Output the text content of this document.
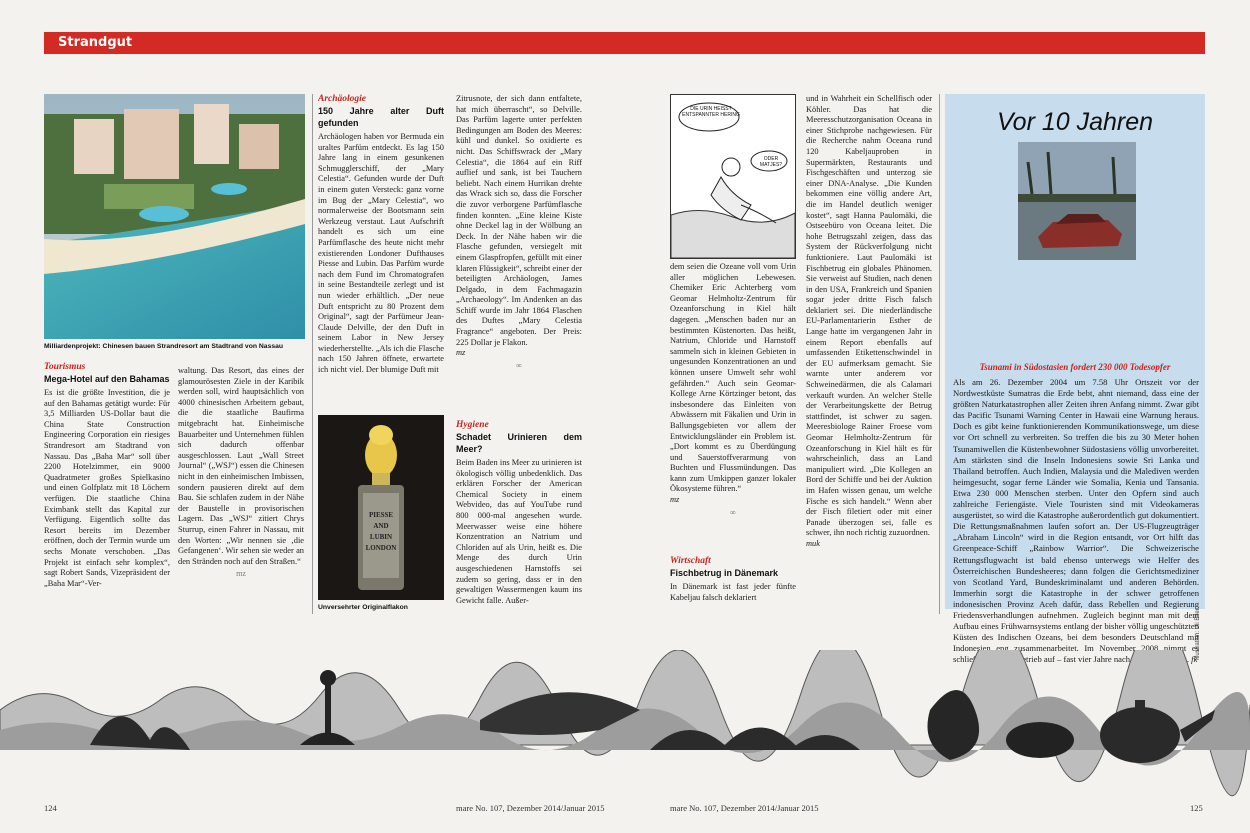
Strandgut
Milliardenprojekt: Chinesen bauen Strandresort am Stadtrand von Nassau
Tourismus
Mega-Hotel auf den Bahamas

Es ist die größte Investition, die je auf den Bahamas getätigt wurde: Für 3,5 Milliarden US-Dollar baut die China State Construction Engineering Corporation ein riesiges Strandresort am Stadtrand von Nassau. Das „Baha Mar“ soll über 2200 Hotelzimmer, ein 9000 Quadratmeter großes Spielkasino und einen Golfplatz mit 18 Löchern verfügen. Die staatliche China Eximbank stellt das Kapital zur Verfügung. Eigentlich sollte das Resort bereits im Dezember eröffnen, doch der Termin wurde um sechs Monate verschoben. „Das Projekt ist einfach sehr komplex“, sagt Robert Sands, Vizepräsident der „Baha Mar“-Ver-

waltung. Das Resort, das eines der glamourösesten Ziele in der Karibik werden soll, wird hauptsächlich von 4000 chinesischen Arbeitern gebaut, die die staatliche Baufirma mitgebracht hat. Einheimische Bauarbeiter und Unternehmen fühlen sich dadurch offenbar ausgeschlossen. Laut „Wall Street Journal“ („WSJ“) essen die Chinesen nicht in den einheimischen Imbissen, sondern pausieren direkt auf dem Bau. Sie schlafen zudem in der Nähe der Baustelle in provisorischen Lagern. Das „WSJ“ zitiert Chrys Sturrup, einen Fahrer in Nassau, mit den Worten: „Wir nennen sie ‚die Gefangenen‘. Wir sehen sie weder an den Stränden noch auf den Straßen.“

mz
Archäologie
150 Jahre alter Duft gefunden

Archäologen haben vor Bermuda ein uraltes Parfüm entdeckt. Es lag 150 Jahre lang in einem gesunkenen Schmugglerschiff, der „Mary Celestia“. Gefunden wurde der Duft in einem guten Versteck: ganz vorne im Bug der „Mary Celestia“, wo normalerweise der Bootsmann sein Werkzeug verstaut. Laut Aufschrift handelt es sich um eine Parfümflasche des heute nicht mehr existierenden Londoner Dufthauses Piesse and Lubin. Das Parfüm wurde nach dem Fund im Chromatografen in seine Bestandteile zerlegt und ist nun wieder erhältlich. „Der neue Duft entspricht zu 80 Prozent dem Original“, sagt der Parfümeur Jean-Claude Delville, der den Duft in seinem Labor in New Jersey wiederherstellte. „Als ich die Flasche nach 150 Jahren öffnete, erwartete ich nicht viel. Der blumige Duft mit

PIESSE AND LUBIN LONDON
Unversehrter Originalflakon

Zitrusnote, der sich dann entfaltete, hat mich überrascht“, so Delville. Das Parfüm lagerte unter perfekten Bedingungen am Boden des Meeres: kühl und dunkel. So oxidierte es nicht. Das Schiffswrack der „Mary Celestia“, die 1864 auf ein Riff auflief und sank, ist bei Tauchern beliebt. Nach einem Hurrikan drehte das Wrack sich so, dass die Forscher die zuvor verborgene Parfümflasche finden konnten. „Eine kleine Kiste ohne Deckel lag in der Wölbung an Deck. In der Nähe haben wir die Flasche gefunden, versiegelt mit einem Glaspfropfen, gefüllt mit einer klaren Flüssigkeit“, schreibt einer der beteiligten Archäologen, James Delgado, in dem Fachmagazin „Archaeology“. Im Andenken an das Schiff wurde im Jahr 1864 Flaschen des Duftes „Mary Celestia Fragrance“ angeboten. Der Preis: 225 Dollar je Flakon.

mz
∞
Hygiene
Schadet Urinieren dem Meer?

Beim Baden ins Meer zu urinieren ist ökologisch völlig unbedenklich. Das erklären Forscher der American Chemical Society in einem Webvideo, das auf YouTube rund 800 000-mal angesehen wurde. Meerwasser weise eine höhere Konzentration an Natrium und Chloriden auf als Urin, heißt es. Die Menge des durch Urin ausgeschiedenen Harnstoffs sei zudem so gering, dass er in den gewaltigen Wassermengen kaum ins Gewicht falle. Außer-

DIE URIN HEISST ENTSPANNTER HERING
ODER MATJES?

dem seien die Ozeane voll vom Urin aller möglichen Lebewesen. Chemiker Eric Achterberg vom Geomar Helmholtz-Zentrum für Ozeanforschung in Kiel hält dagegen. „Menschen baden nur an bestimmten Küstenorten. Das heißt, Natrium, Chloride und Harnstoff sammeln sich in kleinen Gebieten in ungesunden Konzentrationen an und können unsere Umwelt sehr wohl gefährden.“ Auch sein Geomar-Kollege Arne Körtzinger betont, das insbesondere das Einleiten von Abwässern mit Fäkalien und Urin in Ballungsgebieten vor allem der Entwicklungsländer ein Problem ist. „Dort kommt es zu Überdüngung und Sauerstoffverarmung von Buchten und Flussmündungen. Das kann zum Umkippen ganzer lokaler Ökosysteme führen.“

mz
∞
Wirtschaft
Fischbetrug in Dänemark

In Dänemark ist fast jeder fünfte Kabeljau falsch deklariert

und in Wahrheit ein Schellfisch oder Köhler. Das hat die Meeresschutzorganisation Oceana in einer Stichprobe nachgewiesen. Für die Recherche nahm Oceana rund 120 Kabeljauproben in Supermärkten, Restaurants und Fischgeschäften und unterzog sie einer DNA-Analyse. „Die Kunden bekommen eine völlig andere Art, die im Handel deutlich weniger kostet“, sagt Hanna Paulomäki, die Ostseebüro von Oceana leitet. Die hohe Betrugszahl zeigen, dass das System der Rückverfolgung nicht funktioniere. Laut Paulomäki ist Fischbetrug ein globales Phänomen. Sie verweist auf Studien, nach denen in den USA, Frankreich und Spanien sogar jeder dritte Fisch falsch deklariert sei. Die niederländische EU-Parlamentarierin Esther de Lange hatte im vergangenen Jahr in einem Report ebenfalls auf umfassenden Etikettenschwindel in der EU aufmerksam gemacht. Sie warnte unter anderem vor Schweinedärmen, die als Calamari verkauft wurden. An welcher Stelle der Verarbeitungskette der Betrug stattfindet, ist schwer zu sagen. Meeresbiologe Rainer Froese vom Geomar Helmholtz-Zentrum für Ozeanforschung in Kiel hält es für wahrscheinlich, dass an Land manipuliert wird. „Die Kollegen an Bord der Schiffe und bei der Auktion im Hafen wissen genau, um welche Fische es sich handelt.“ Wenn aber der Fisch filetiert oder mit einer Panade überzogen sei, falle es schwer, ihn noch richtig zuzuordnen.

muk
Vor 10 Jahren
Tsunami in Südostasien fordert 230 000 Todesopfer
Als am 26. Dezember 2004 um 7.58 Uhr Ortszeit vor der Nordwestküste Sumatras die Erde bebt, ahnt niemand, dass eine der größten Naturkatastrophen aller Zeiten ihren Anfang nimmt. Zwar gibt das Pacific Tsunami Warning Center in Hawaii eine Warnung heraus. Doch es gibt keine funktionierenden Kommunikationswege, um diese vor Ort schnell zu verbreiten. So treffen die bis zu 30 Meter hohen Tsunamiwellen die Küstenbewohner Südostasiens völlig unvorbereitet. Am stärksten sind die Inseln Indonesiens sowie Sri Lanka und Thailand betroffen. Auch Indien, Malaysia und die Malediven werden heimgesucht, sogar ferne Länder wie Somalia, Kenia und Tansania. Etwa 230 000 Menschen sterben. Unter den Opfern sind auch zahlreiche Feriengäste. Viele Touristen sind mit Videokameras ausgerüstet, so wird die Katastrophe außerordentlich gut dokumentiert. Die Rettungsmaßnahmen laufen sofort an. Der US-Flugzeugträger „Abraham Lincoln“ wird in die Region entsandt, vor Ort hilft das Greenpeace-Schiff „Rainbow Warrior“. Die Schweizerische Rettungsflugwacht ist bald ebenso unterwegs wie Helfer des Österreichischen Bundesheeres; dann folgen die Gerichtsmediziner von Scotland Yard, Bundeskriminalamt und anderen Behörden. Immerhin sorgt die Katastrophe in der schwer getroffenen indonesischen Provinz Aceh dafür, dass Rebellen und Regierung Friedensverhandlungen aufnehmen. Zugleich beginnt man mit dem Aufbau eines Frühwarnsystems entlang der bisher völlig ungeschützten Küsten des Indischen Ozeans, bei dem besonders Deutschland mit Indonesien eng zusammenarbeitet. Im November 2008 nimmt es schließlich seinen Betrieb auf – fast vier Jahre nach der Katastrophe. fk
Illustration: Uli Elter
124	mare No. 107, Dezember 2014/Januar 2015	mare No. 107, Dezember 2014/Januar 2015	125
